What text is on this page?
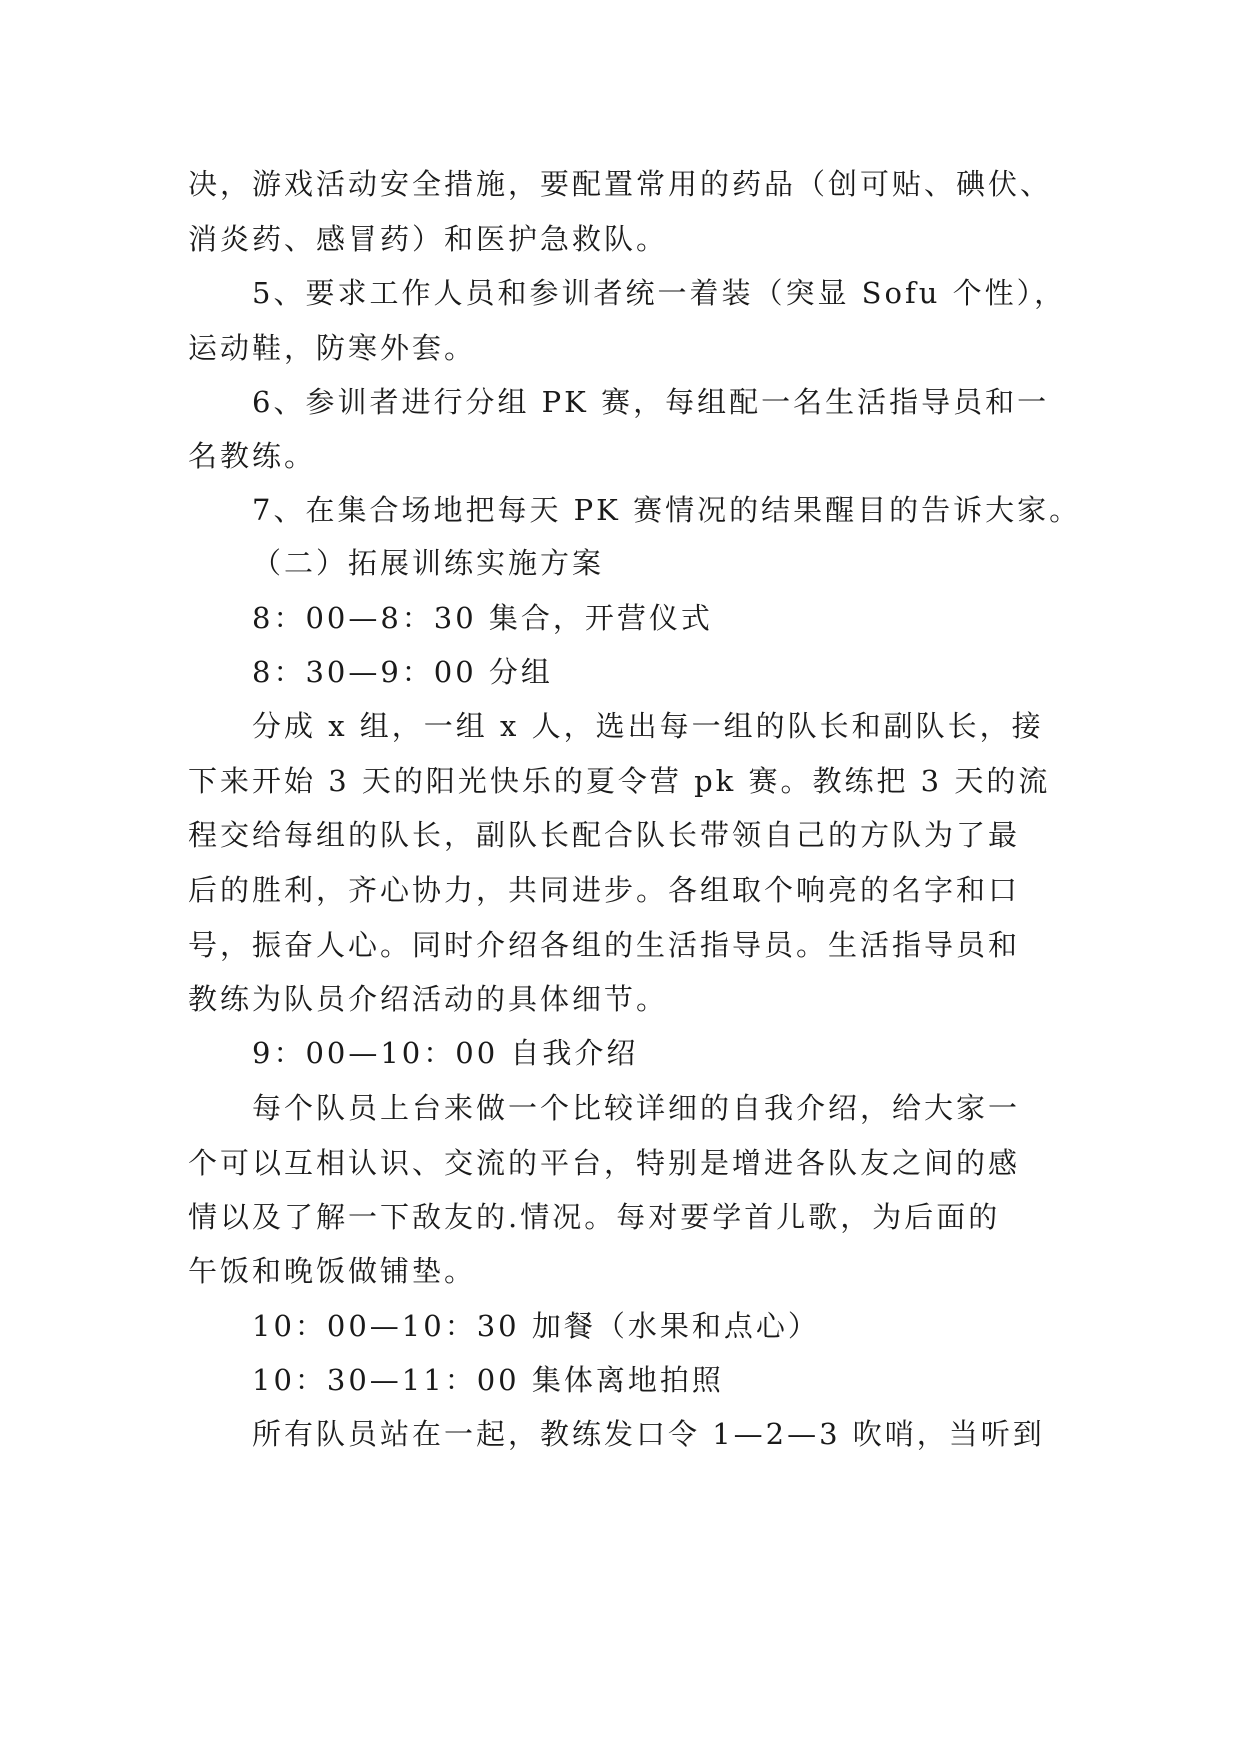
决，游戏活动安全措施，要配置常用的药品（创可贴、碘伏、
消炎药、感冒药）和医护急救队。
5、要求工作人员和参训者统一着装（突显 Sofu 个性），
运动鞋，防寒外套。
6、参训者进行分组 PK 赛，每组配一名生活指导员和一
名教练。
7、在集合场地把每天 PK 赛情况的结果醒目的告诉大家。
（二）拓展训练实施方案
8：00—8：30 集合，开营仪式
8：30—9：00 分组
分成 x 组，一组 x 人，选出每一组的队长和副队长，接
下来开始 3 天的阳光快乐的夏令营 pk 赛。教练把 3 天的流
程交给每组的队长，副队长配合队长带领自己的方队为了最
后的胜利，齐心协力，共同进步。各组取个响亮的名字和口
号，振奋人心。同时介绍各组的生活指导员。生活指导员和
教练为队员介绍活动的具体细节。
9：00—10：00 自我介绍
每个队员上台来做一个比较详细的自我介绍，给大家一
个可以互相认识、交流的平台，特别是增进各队友之间的感
情以及了解一下敌友的.情况。每对要学首儿歌，为后面的
午饭和晚饭做铺垫。
10：00—10：30 加餐（水果和点心）
10：30—11：00 集体离地拍照
所有队员站在一起，教练发口令 1—2—3 吹哨，当听到
